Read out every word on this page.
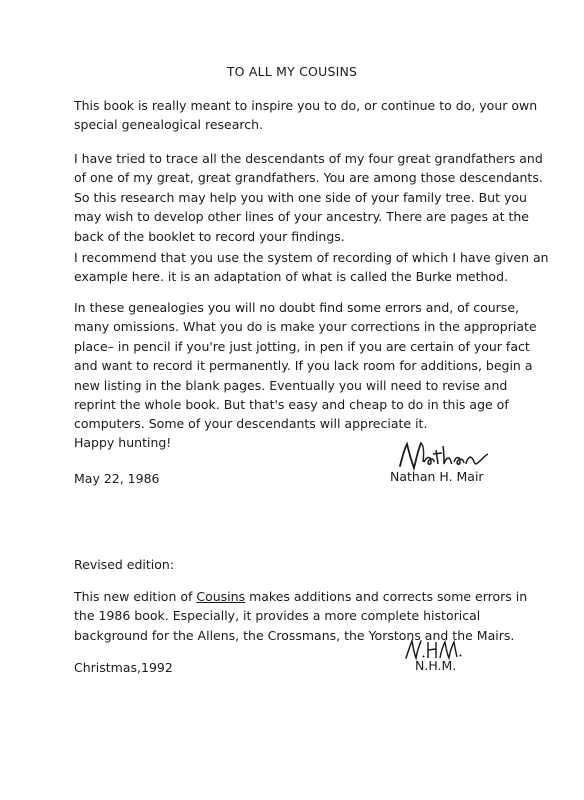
TO ALL MY COUSINS

This book is really meant to inspire you to do, or continue to do, your own
special genealogical research.

I have tried to trace all the descendants of my four great grandfathers and
of one of my great, great grandfathers. You are among those descendants.
So this research may help you with one side of your family tree. But you
may wish to develop other lines of your ancestry. There are pages at the
back of the booklet to record your findings.

I recommend that you use the system of recording of which I have given an
example here. it is an adaptation of what is called the Burke method.

In these genealogies you will no doubt find some errors and, of course,
many omissions. What you do is make your corrections in the appropriate
place– in pencil if you're just jotting, in pen if you are certain of your fact
and want to record it permanently. If you lack room for additions, begin a
new listing in the blank pages. Eventually you will need to revise and
reprint the whole book. But that's easy and cheap to do in this age of
computers. Some of your descendants will appreciate it.

Happy hunting!
May 22, 1986	Nathan H. Mair
Revised edition:

This new edition of Cousins makes additions and corrects some errors in
the 1986 book. Especially, it provides a more complete historical
background for the Allens, the Crossmans, the Yorstons and the Mairs.

Christmas,1992	N.H.M.
